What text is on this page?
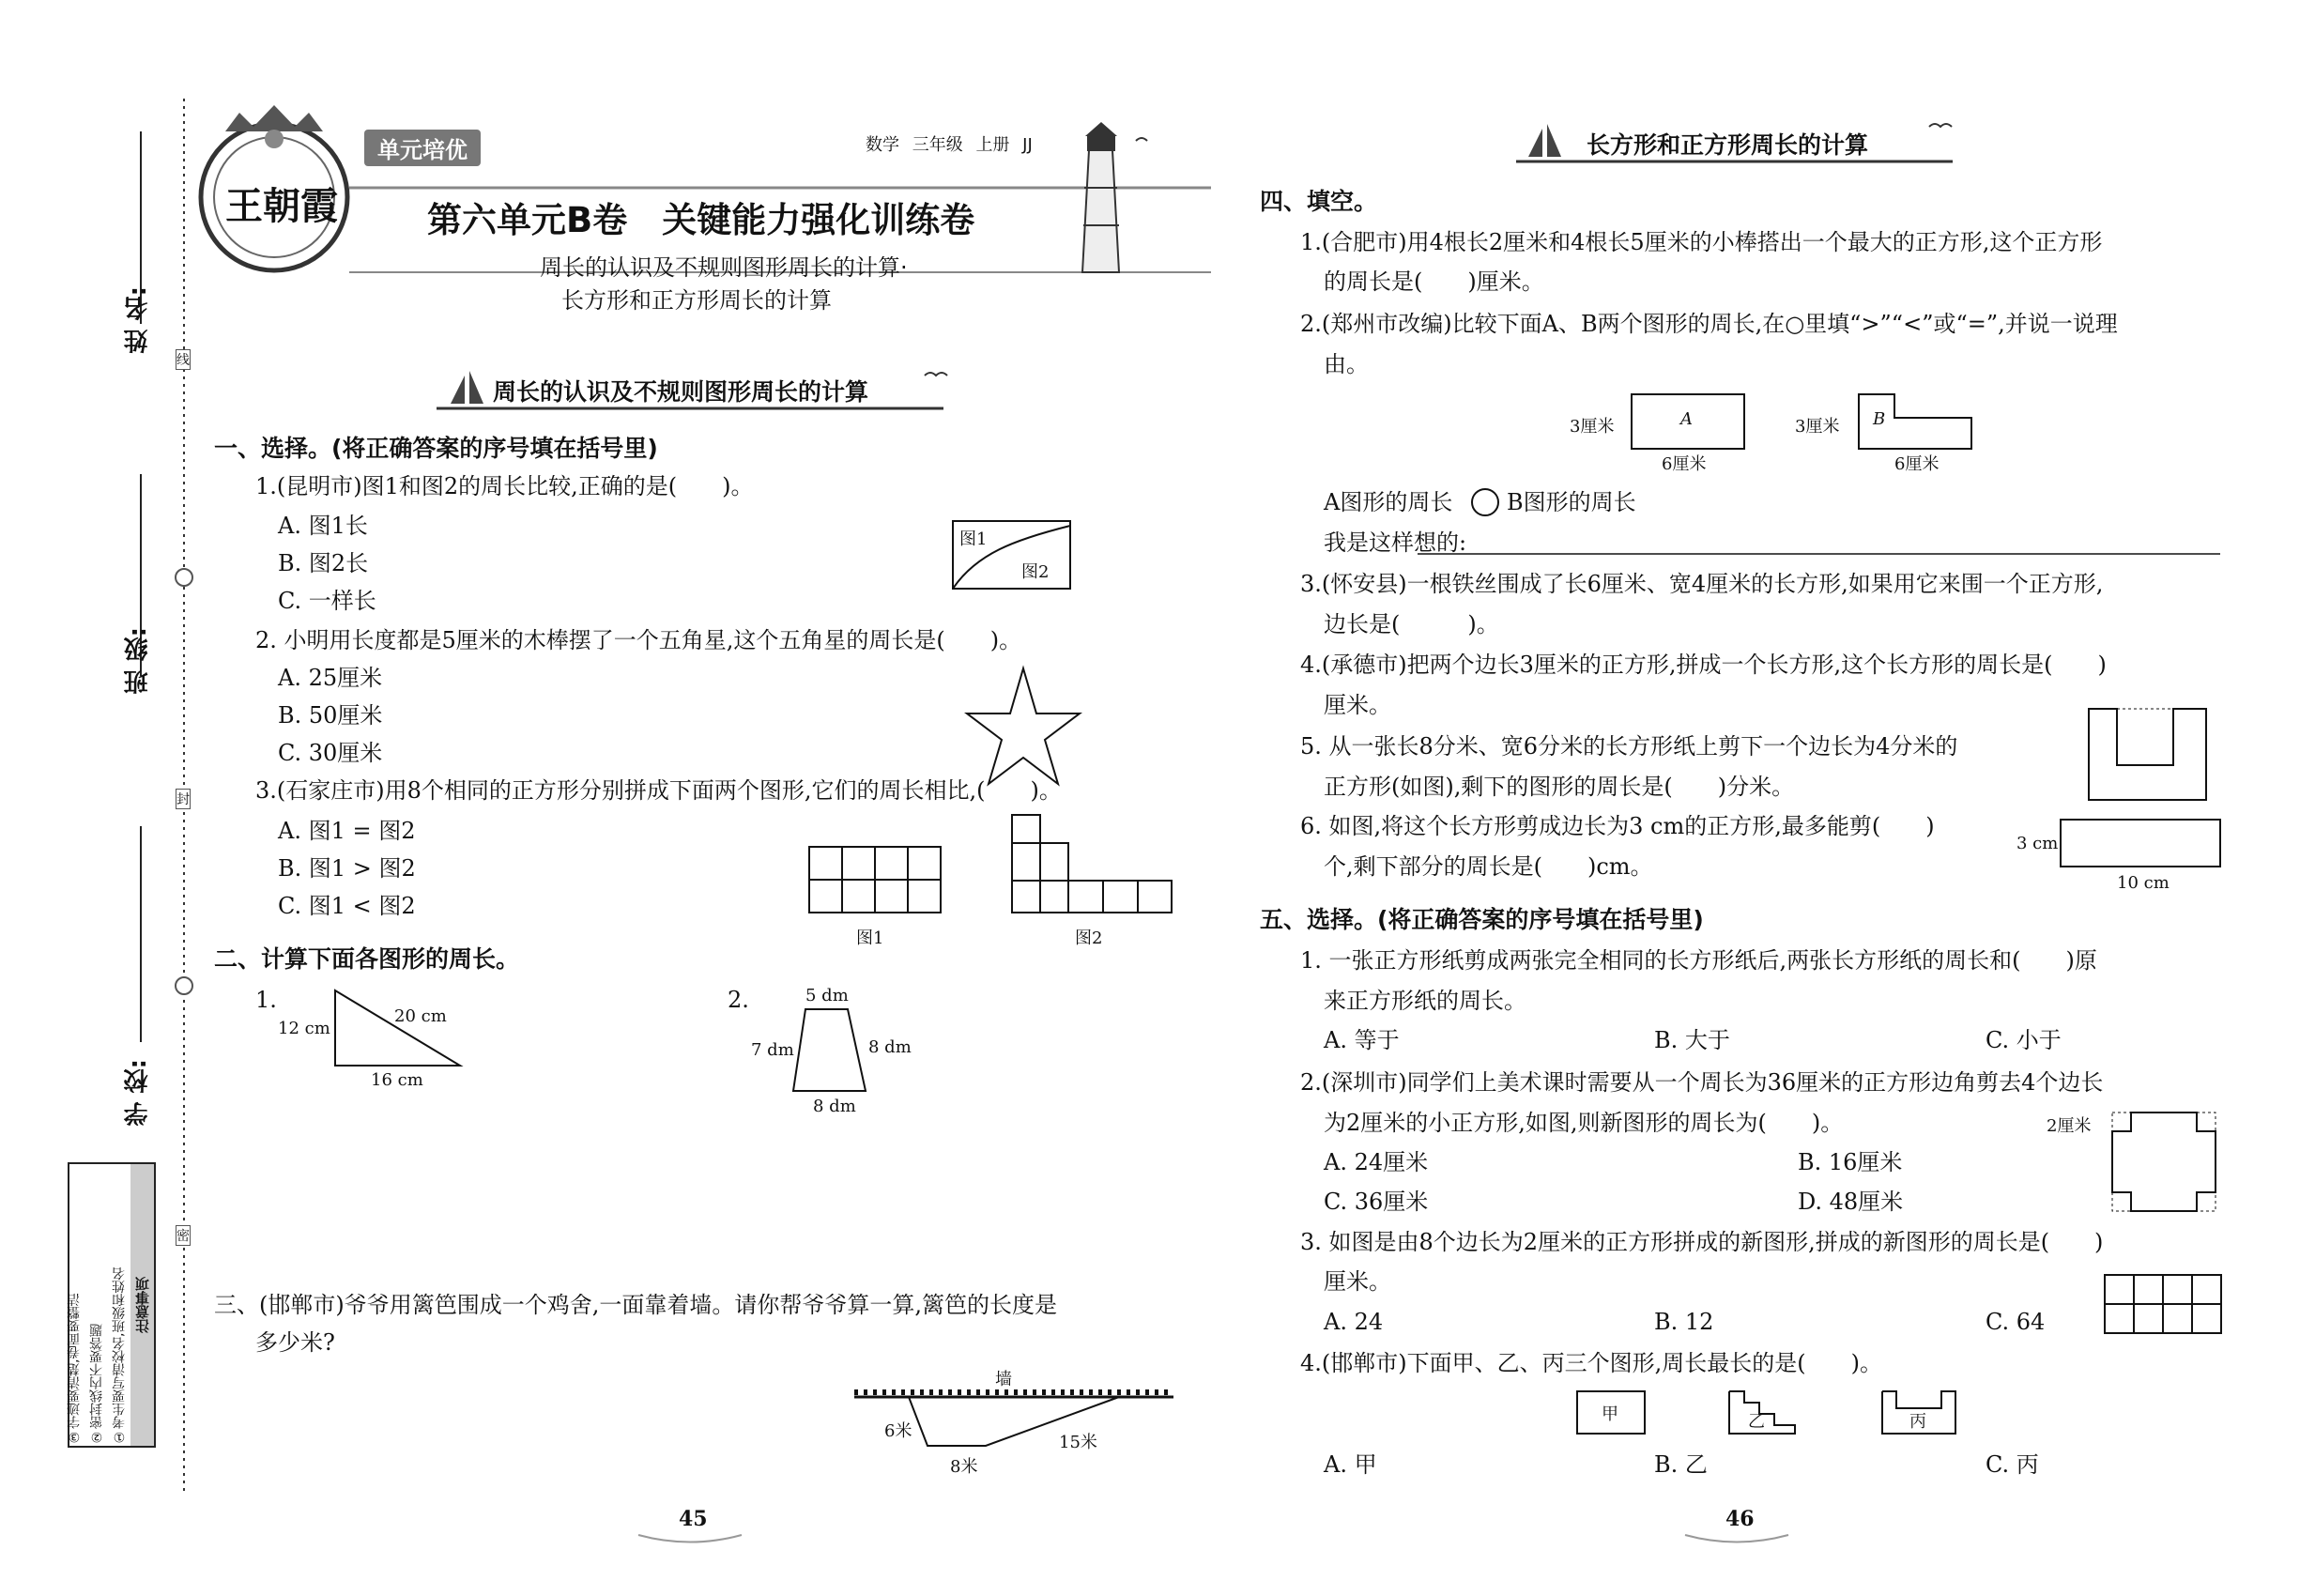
姓 名:
班 级:
学 校:
线
封
密
注意事项
①考生要写清校名,班级和姓名
②密封线内不要答题
③字迹要清楚,卷面要整洁
王朝霞
单元培优	数学 三年级 上册 JJ
第六单元B卷　关键能力强化训练卷
周长的认识及不规则图形周长的计算·
长方形和正方形周长的计算
周长的认识及不规则图形周长的计算
一、选择。(将正确答案的序号填在括号里)
1.(昆明市)图1和图2的周长比较,正确的是(　　)。
A. 图1长
B. 图2长
C. 一样长
图1
图2
2. 小明用长度都是5厘米的木棒摆了一个五角星,这个五角星的周长是(　　)。
A. 25厘米
B. 50厘米
C. 30厘米
3.(石家庄市)用8个相同的正方形分别拼成下面两个图形,它们的周长相比,(　　)。
A. 图1 = 图2
B. 图1 > 图2
C. 图1 < 图2
图1	图2
二、计算下面各图形的周长。
1.
12 cm
20 cm
16 cm
2.	5 dm
7 dm	8 dm
8 dm
三、(邯郸市)爷爷用篱笆围成一个鸡舍,一面靠着墙。请你帮爷爷算一算,篱笆的长度是
多少米?
墙
6米
8米
15米
45
长方形和正方形周长的计算
四、填空。
1.(合肥市)用4根长2厘米和4根长5厘米的小棒搭出一个最大的正方形,这个正方形
的周长是(　　)厘米。
2.(郑州市改编)比较下面A、B两个图形的周长,在○里填“>”“<”或“=”,并说一说理
由。
3厘米
6厘米
A	3厘米
6厘米
B
A图形的周长 B图形的周长
我是这样想的:
3.(怀安县)一根铁丝围成了长6厘米、宽4厘米的长方形,如果用它来围一个正方形,
边长是(　　　)。
4.(承德市)把两个边长3厘米的正方形,拼成一个长方形,这个长方形的周长是(　　)
厘米。
5. 从一张长8分米、宽6分米的长方形纸上剪下一个边长为4分米的
正方形(如图),剩下的图形的周长是(　　)分米。
6. 如图,将这个长方形剪成边长为3 cm的正方形,最多能剪(　　)
个,剩下部分的周长是(　　)cm。
3 cm
10 cm
五、选择。(将正确答案的序号填在括号里)
1. 一张正方形纸剪成两张完全相同的长方形纸后,两张长方形纸的周长和(　　)原
来正方形纸的周长。
A. 等于	B. 大于	C. 小于
2.(深圳市)同学们上美术课时需要从一个周长为36厘米的正方形边角剪去4个边长
为2厘米的小正方形,如图,则新图形的周长为(　　)。	2厘米
A. 24厘米	B. 16厘米
C. 36厘米	D. 48厘米
3. 如图是由8个边长为2厘米的正方形拼成的新图形,拼成的新图形的周长是(　　)
厘米。
A. 24	B. 12	C. 64
4.(邯郸市)下面甲、乙、丙三个图形,周长最长的是(　　)。
甲	乙	丙
A. 甲	B. 乙	C. 丙
46
